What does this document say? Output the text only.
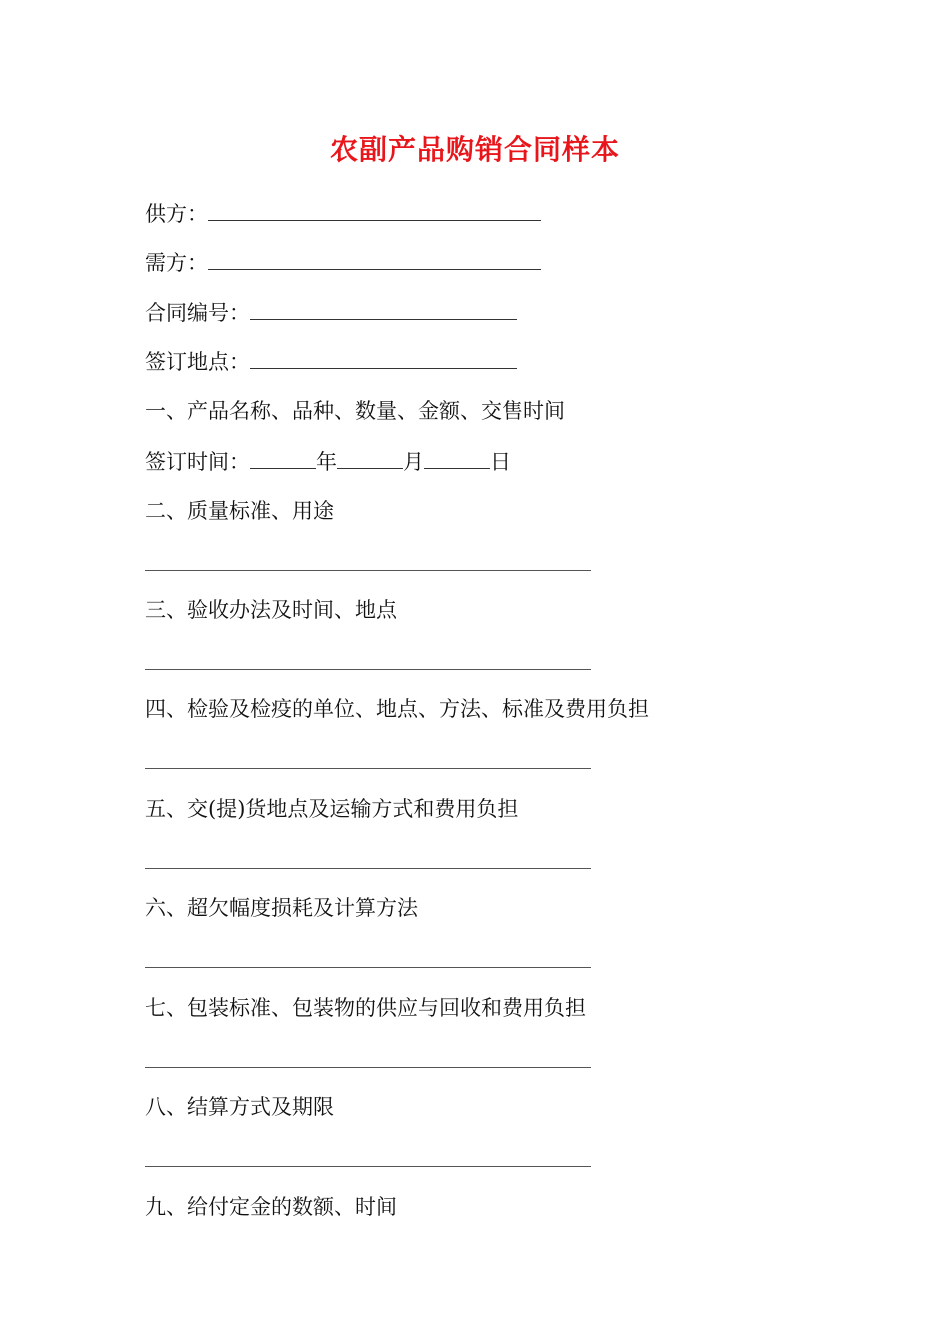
农副产品购销合同样本
供方：
需方：
合同编号：
签订地点：
一、产品名称、品种、数量、金额、交售时间
签订时间：	年	月	日
二、质量标准、用途
三、验收办法及时间、地点
四、检验及检疫的单位、地点、方法、标准及费用负担
五、交(提)货地点及运输方式和费用负担
六、超欠幅度损耗及计算方法
七、包装标准、包装物的供应与回收和费用负担
八、结算方式及期限
九、给付定金的数额、时间
